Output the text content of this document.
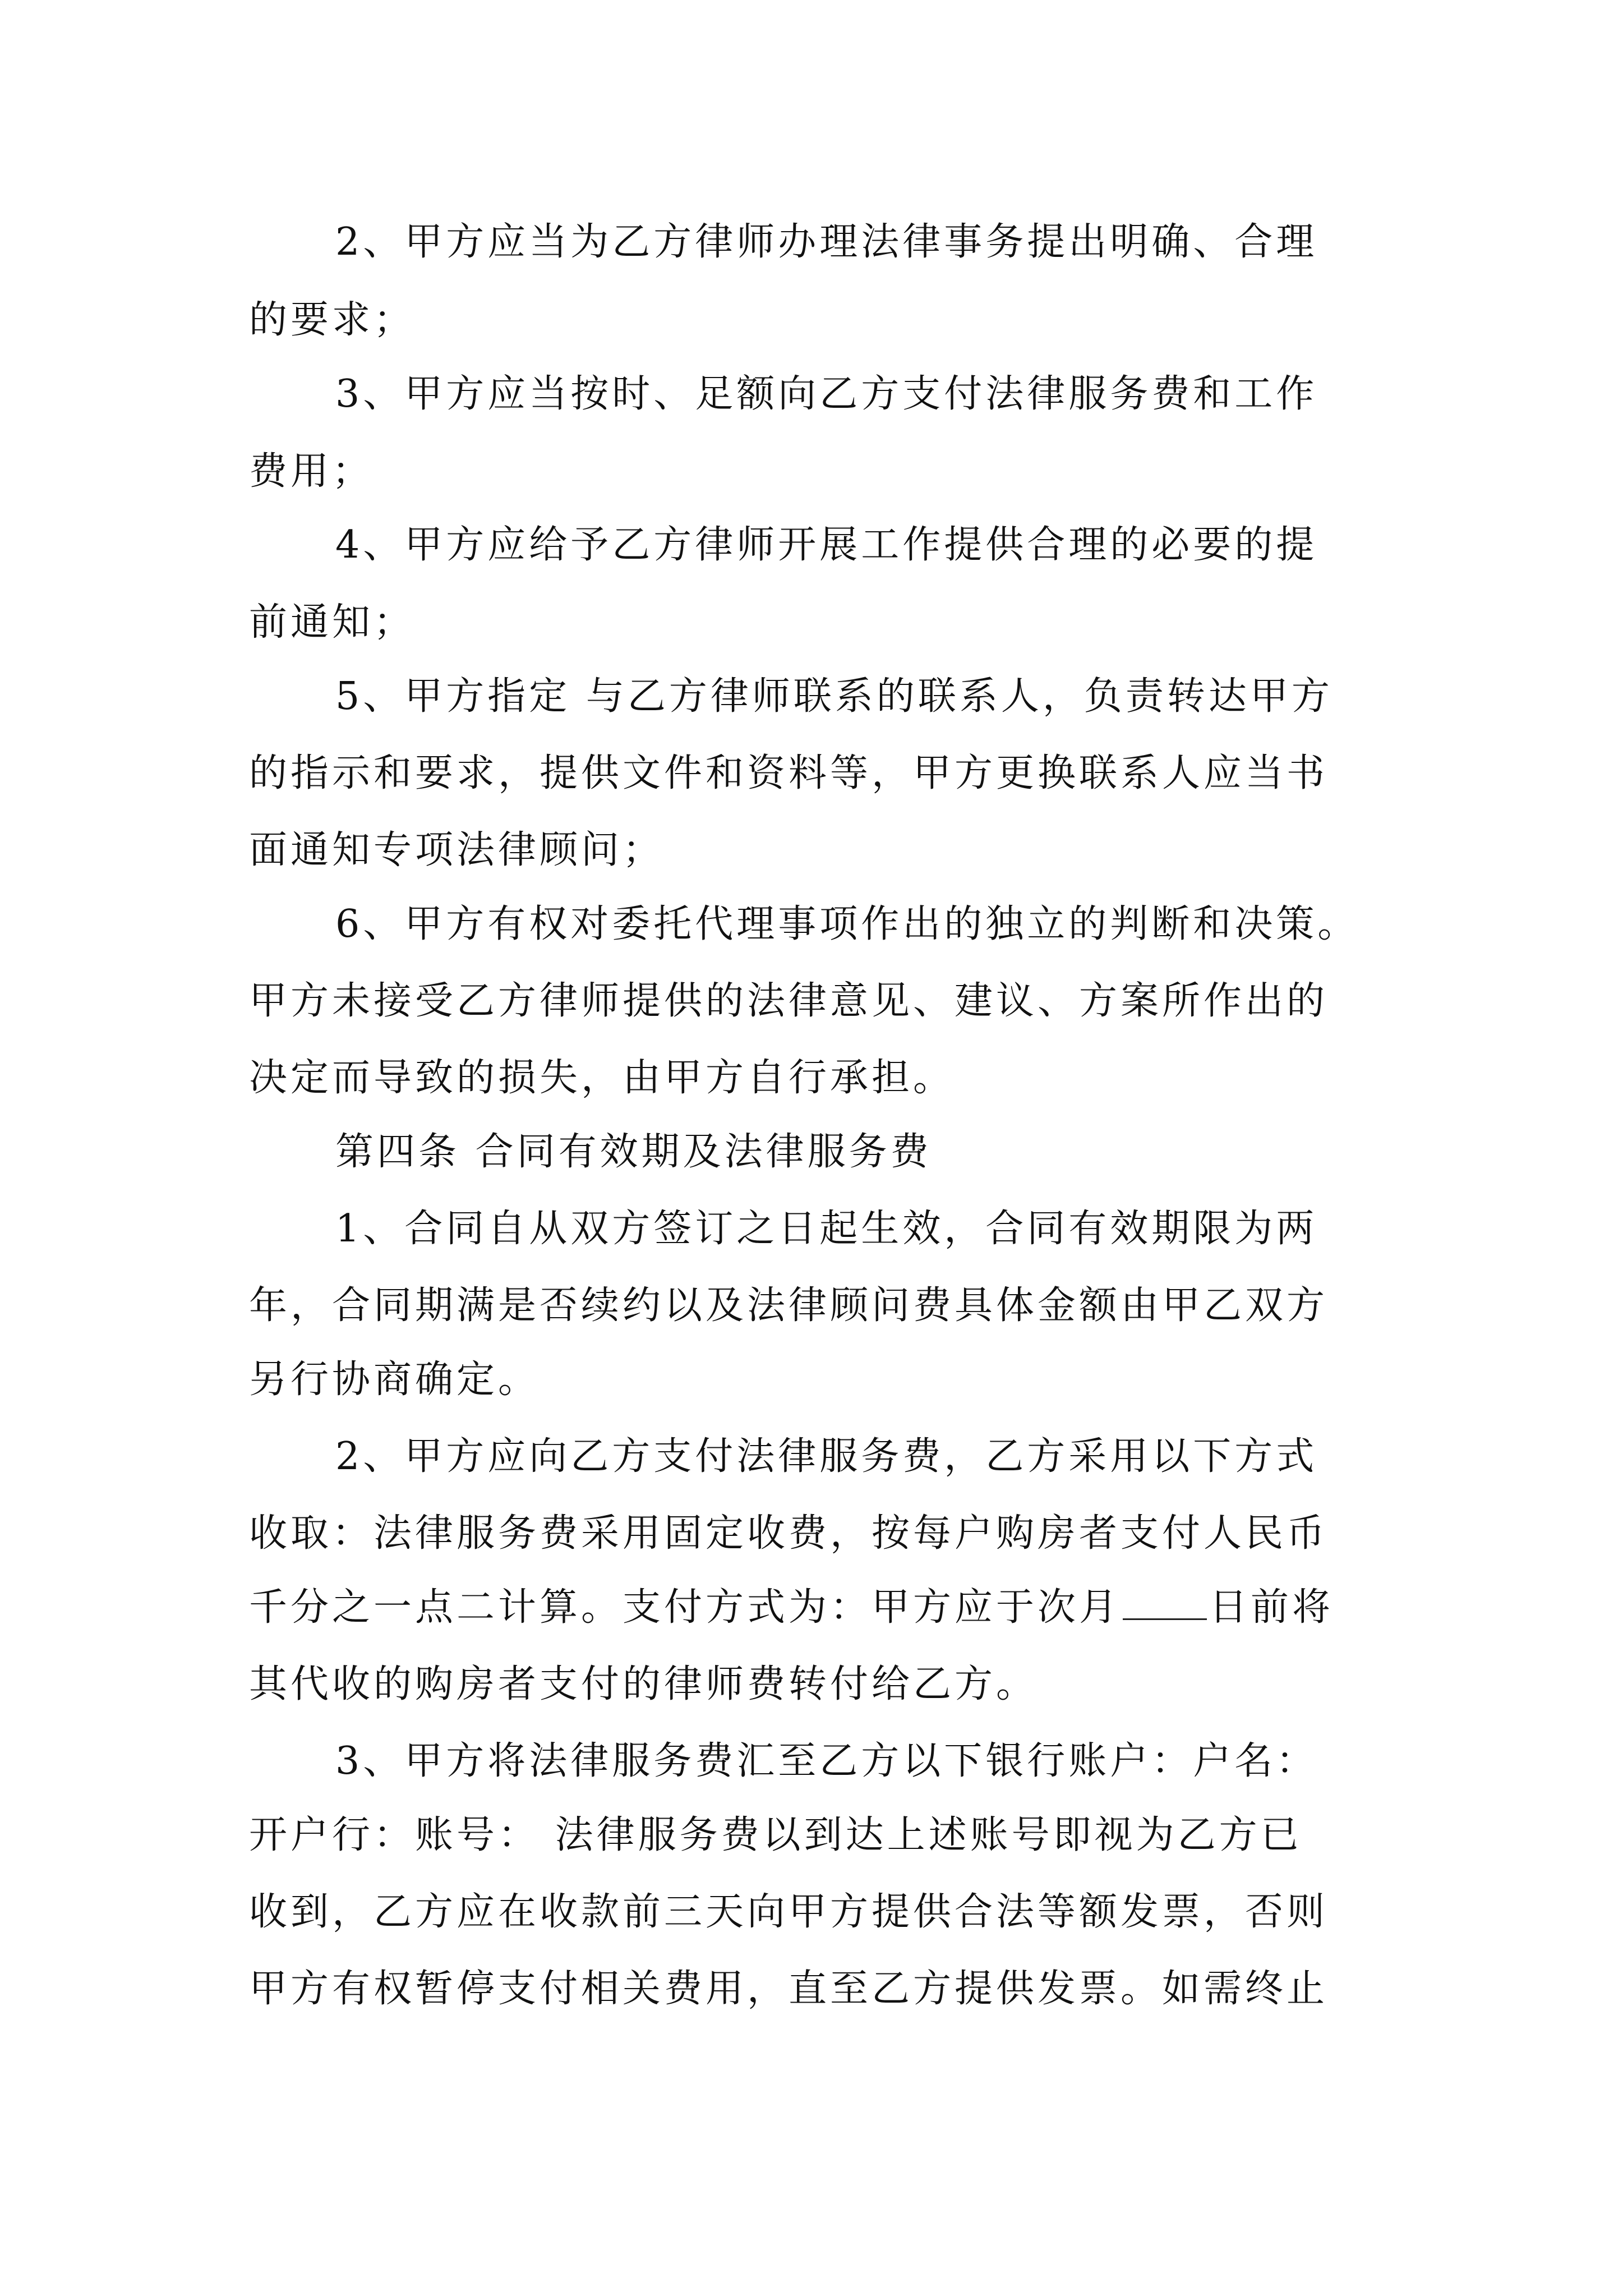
2、甲方应当为乙方律师办理法律事务提出明确、合理
的要求；
3、甲方应当按时、足额向乙方支付法律服务费和工作
费用；
4、甲方应给予乙方律师开展工作提供合理的必要的提
前通知；
5、甲方指定 与乙方律师联系的联系人，负责转达甲方
的指示和要求，提供文件和资料等，甲方更换联系人应当书
面通知专项法律顾问；
6、甲方有权对委托代理事项作出的独立的判断和决策。
甲方未接受乙方律师提供的法律意见、建议、方案所作出的
决定而导致的损失，由甲方自行承担。
第四条 合同有效期及法律服务费
1、合同自从双方签订之日起生效，合同有效期限为两
年，合同期满是否续约以及法律顾问费具体金额由甲乙双方
另行协商确定。
2、甲方应向乙方支付法律服务费，乙方采用以下方式
收取：法律服务费采用固定收费，按每户购房者支付人民币
千分之一点二计算。支付方式为：甲方应于次月 日前将
其代收的购房者支付的律师费转付给乙方。
3、甲方将法律服务费汇至乙方以下银行账户：户名：
开户行：账号： 法律服务费以到达上述账号即视为乙方已
收到，乙方应在收款前三天向甲方提供合法等额发票，否则
甲方有权暂停支付相关费用，直至乙方提供发票。如需终止
